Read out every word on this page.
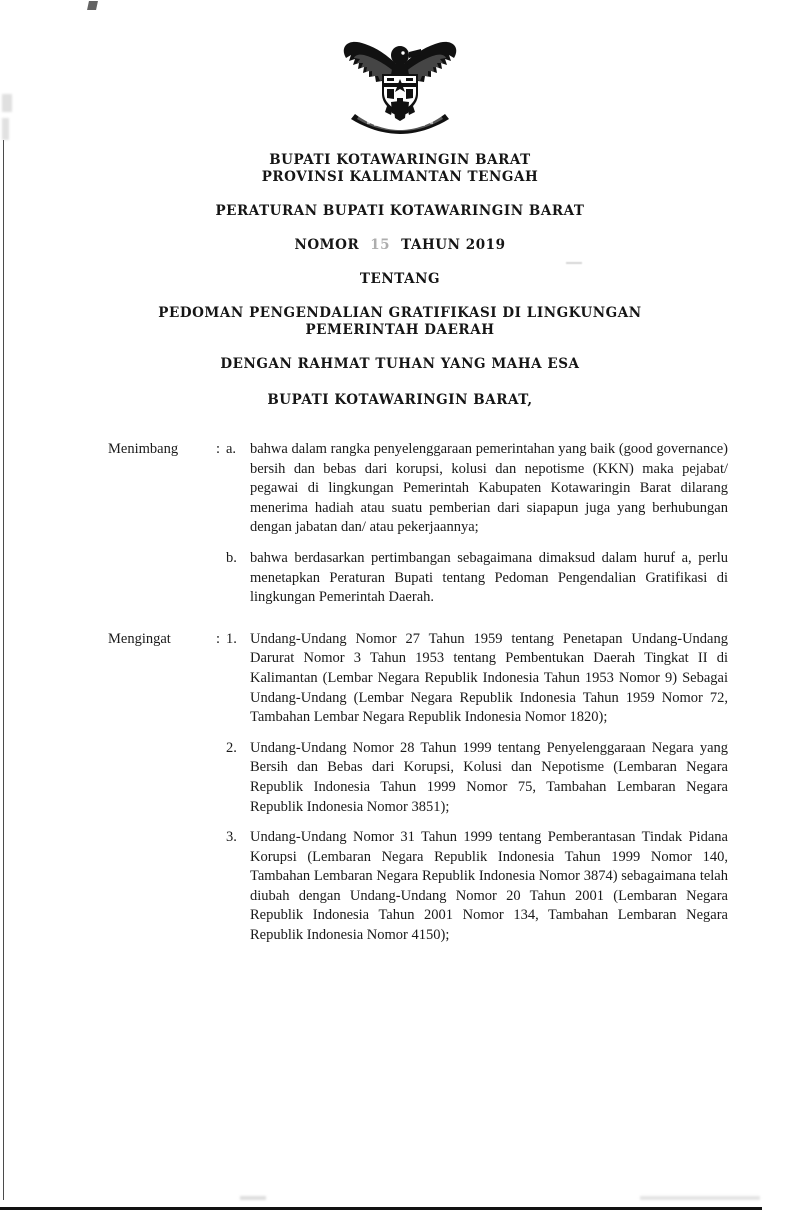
BUPATI KOTAWARINGIN BARAT
PROVINSI KALIMANTAN TENGAH
PERATURAN BUPATI KOTAWARINGIN BARAT
NOMOR 15 TAHUN 2019
TENTANG
PEDOMAN PENGENDALIAN GRATIFIKASI DI LINGKUNGAN
PEMERINTAH DAERAH
DENGAN RAHMAT TUHAN YANG MAHA ESA
BUPATI KOTAWARINGIN BARAT,
Menimbang	: a. bahwa dalam rangka penyelenggaraan pemerintahan yang baik (good governance) bersih dan bebas dari korupsi, kolusi dan nepotisme (KKN) maka pejabat/ pegawai di lingkungan Pemerintah Kabupaten Kotawaringin Barat dilarang menerima hadiah atau suatu pemberian dari siapapun juga yang berhubungan dengan jabatan dan/ atau pekerjaannya;
b. bahwa berdasarkan pertimbangan sebagaimana dimaksud dalam huruf a, perlu menetapkan Peraturan Bupati tentang Pedoman Pengendalian Gratifikasi di lingkungan Pemerintah Daerah.
Mengingat	: 1. Undang-Undang Nomor 27 Tahun 1959 tentang Penetapan Undang-Undang Darurat Nomor 3 Tahun 1953 tentang Pembentukan Daerah Tingkat II di Kalimantan (Lembar Negara Republik Indonesia Tahun 1953 Nomor 9) Sebagai Undang-Undang (Lembar Negara Republik Indonesia Tahun 1959 Nomor 72, Tambahan Lembar Negara Republik Indonesia Nomor 1820);
2. Undang-Undang Nomor 28 Tahun 1999 tentang Penyelenggaraan Negara yang Bersih dan Bebas dari Korupsi, Kolusi dan Nepotisme (Lembaran Negara Republik Indonesia Tahun 1999 Nomor 75, Tambahan Lembaran Negara Republik Indonesia Nomor 3851);
3. Undang-Undang Nomor 31 Tahun 1999 tentang Pemberantasan Tindak Pidana Korupsi (Lembaran Negara Republik Indonesia Tahun 1999 Nomor 140, Tambahan Lembaran Negara Republik Indonesia Nomor 3874) sebagaimana telah diubah dengan Undang-Undang Nomor 20 Tahun 2001 (Lembaran Negara Republik Indonesia Tahun 2001 Nomor 134, Tambahan Lembaran Negara Republik Indonesia Nomor 4150);
